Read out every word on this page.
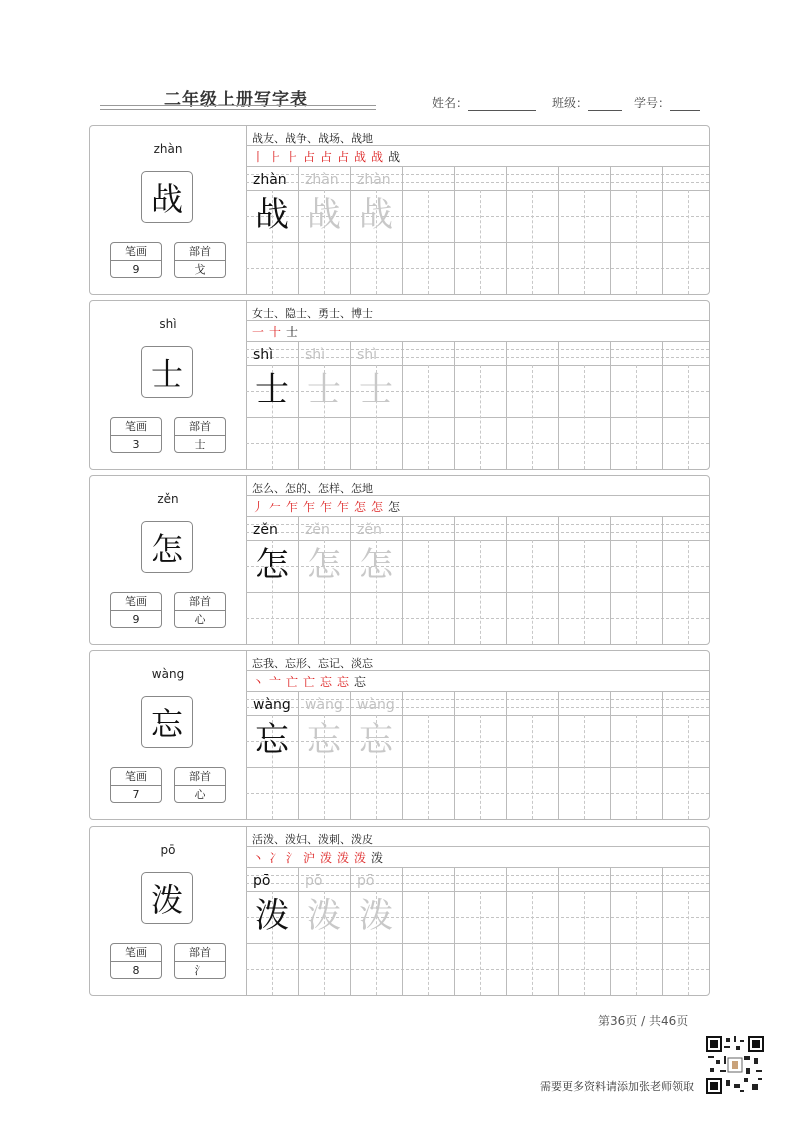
二年级上册写字表	姓名：	班级：	学号：
zhàn
战
笔画
9
部首
戈
战友、战争、战场、战地
丨 ⺊ ⺊ 占 占 占 战 战 战
zhàn zhàn zhàn
战 战 战
shì
士
笔画
3
部首
士
女士、隐士、勇士、博士
一 十 士
shì shì shì
士 士 士
zěn
怎
笔画
9
部首
心
怎么、怎的、怎样、怎地
丿 𠂉 乍 乍 乍 乍 怎 怎 怎
zěn zěn zěn
怎 怎 怎
wàng
忘
笔画
7
部首
心
忘我、忘形、忘记、淡忘
丶 亠 亡 亡 忘 忘 忘
wàng wàng wàng
忘 忘 忘
pō
泼
笔画
8
部首
氵
活泼、泼妇、泼刺、泼皮
丶 冫 氵 沪 泼 泼 泼 泼
pō pō pō
泼 泼 泼
第36页 / 共46页
需要更多资料请添加张老师领取
